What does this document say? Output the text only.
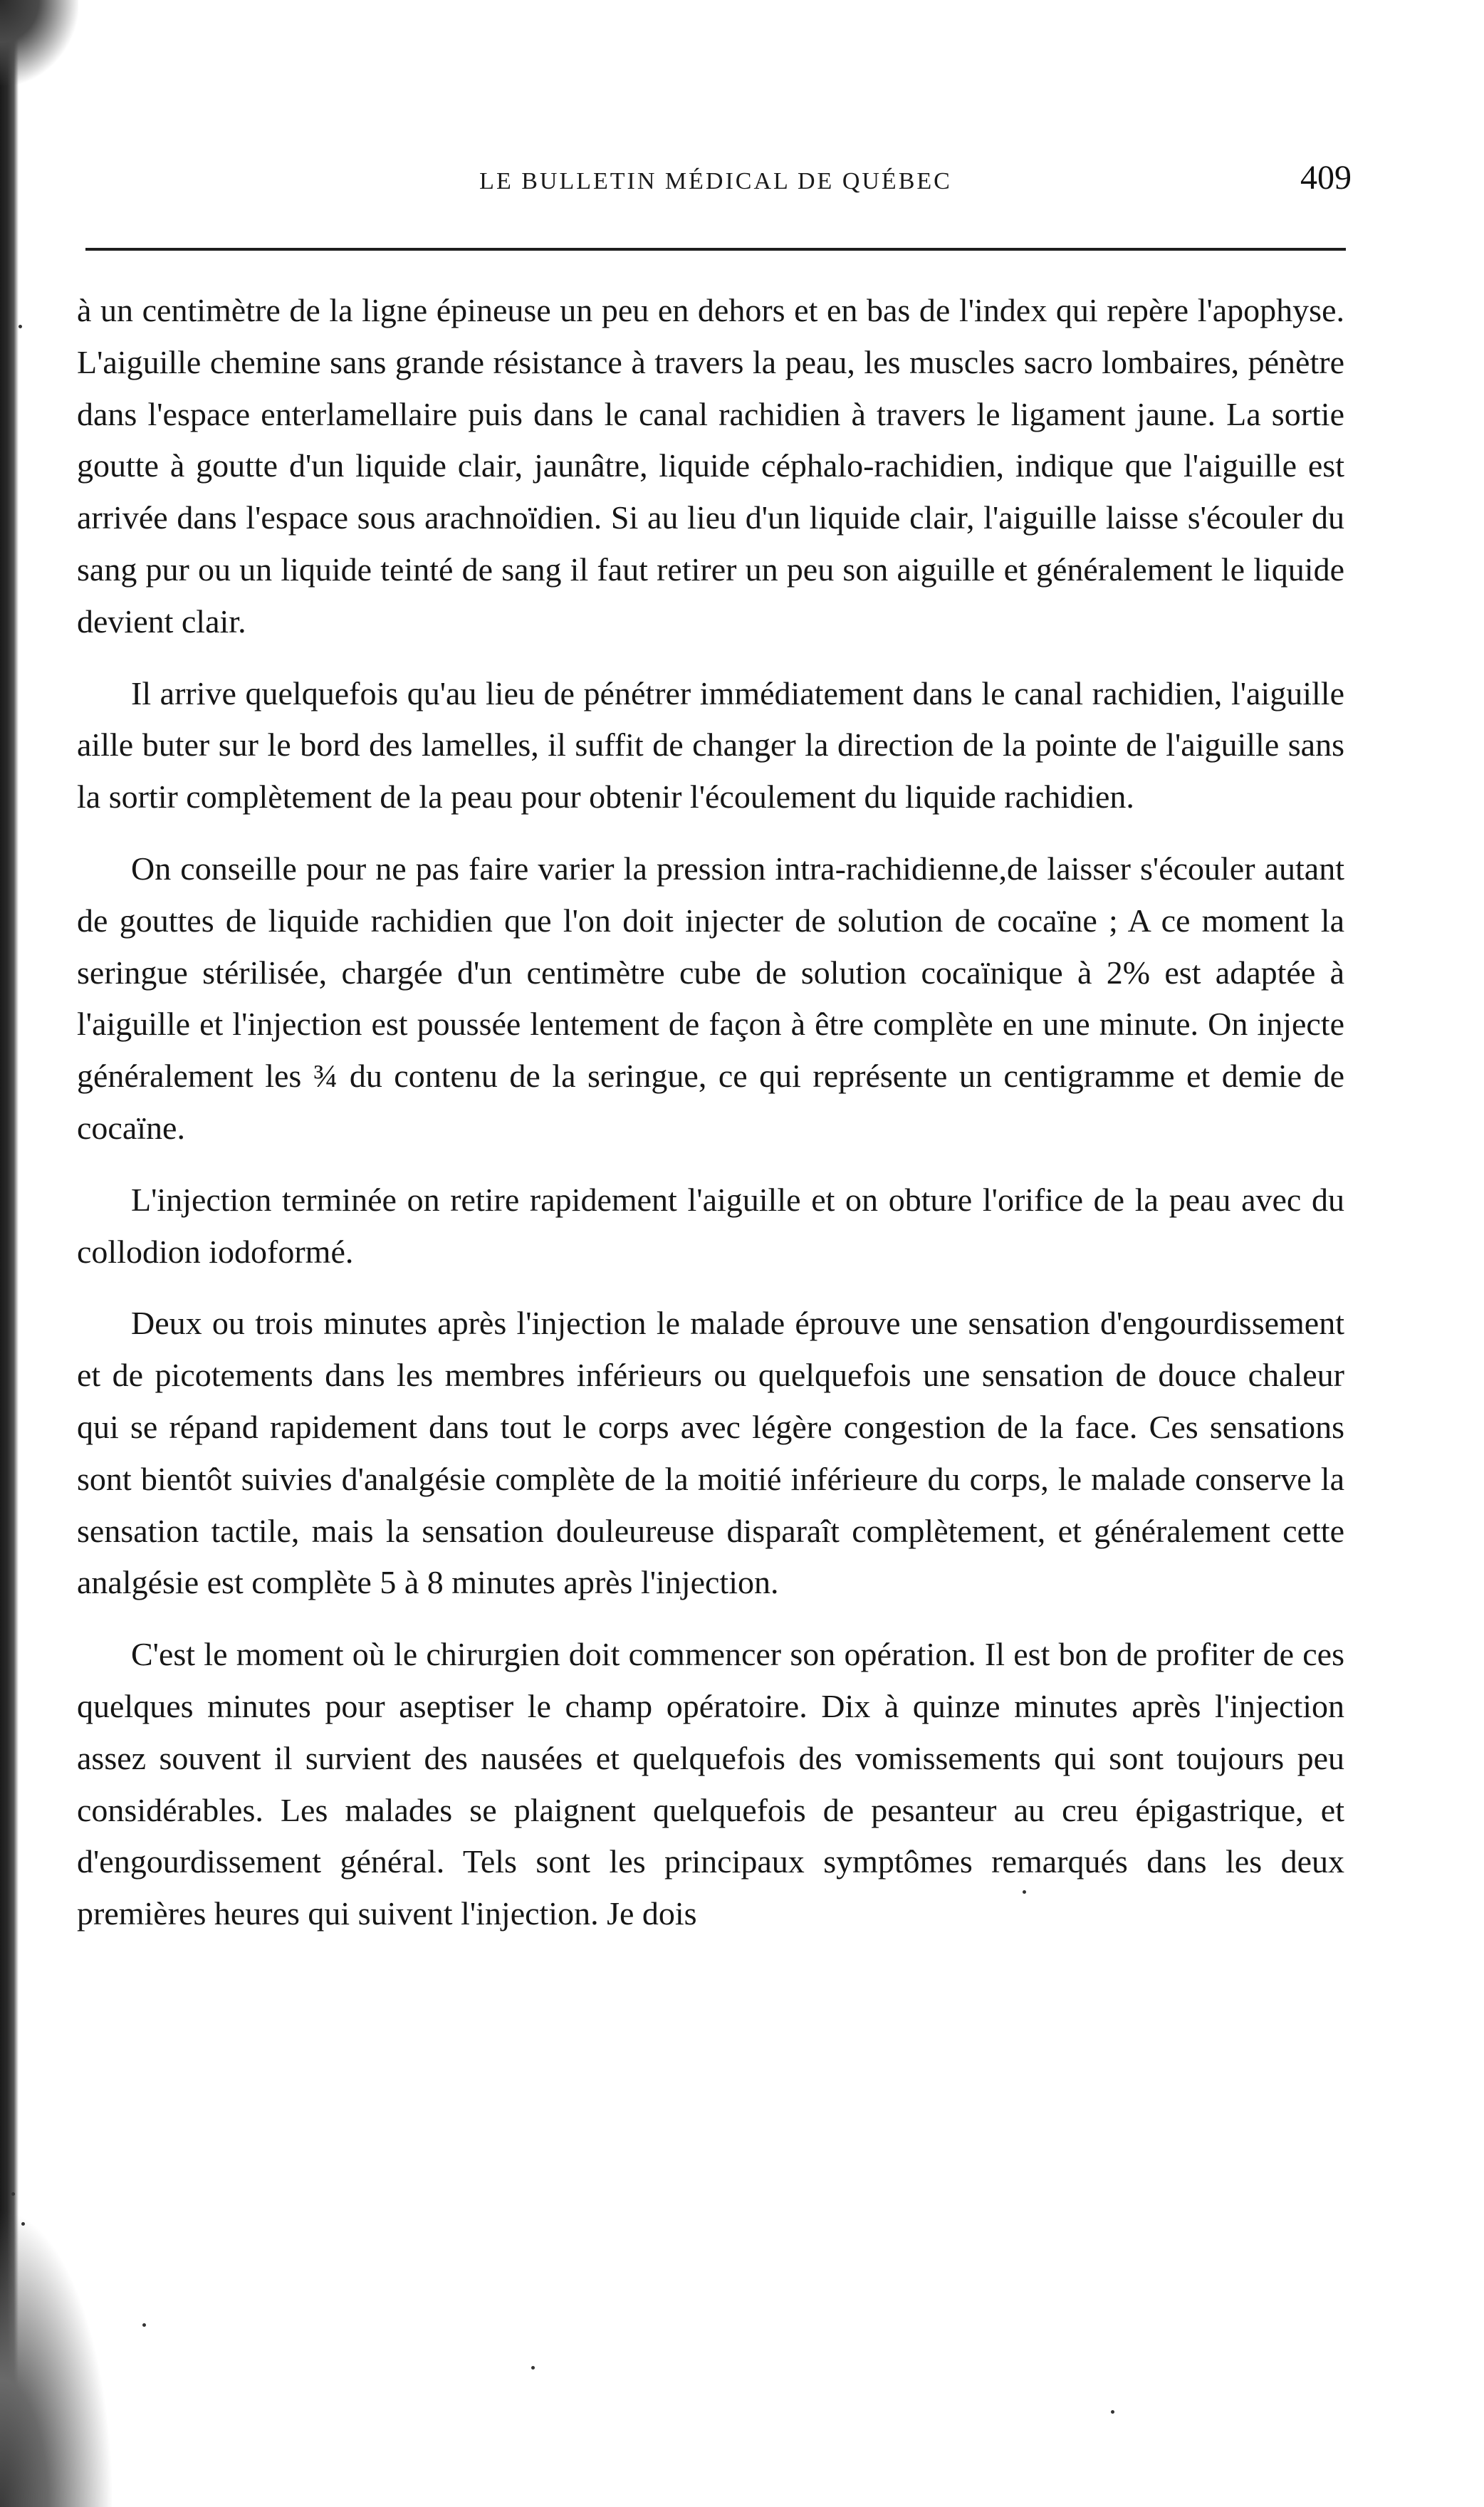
LE BULLETIN MÉDICAL DE QUÉBEC	409

à un centimètre de la ligne épineuse un peu en dehors et en bas de l'index qui repère l'apophyse. L'aiguille chemine sans grande résistance à travers la peau, les muscles sacro lombaires, pénètre dans l'espace enterlamellaire puis dans le canal rachidien à travers le ligament jaune. La sortie goutte à goutte d'un liquide clair, jaunâtre, liquide céphalo-rachidien, indique que l'aiguille est arrivée dans l'espace sous arachnoïdien. Si au lieu d'un liquide clair, l'aiguille laisse s'écouler du sang pur ou un liquide teinté de sang il faut retirer un peu son aiguille et généralement le liquide devient clair.

Il arrive quelquefois qu'au lieu de pénétrer immédiatement dans le canal rachidien, l'aiguille aille buter sur le bord des lamelles, il suffit de changer la direction de la pointe de l'aiguille sans la sortir complètement de la peau pour obtenir l'écoulement du liquide rachidien.

On conseille pour ne pas faire varier la pression intra-rachidienne,de laisser s'écouler autant de gouttes de liquide rachidien que l'on doit injecter de solution de cocaïne ; A ce moment la seringue stérilisée, chargée d'un centimètre cube de solution cocaïnique à 2% est adaptée à l'aiguille et l'injection est poussée lentement de façon à être complète en une minute. On injecte généralement les ¾ du contenu de la seringue, ce qui représente un centigramme et demie de cocaïne.

L'injection terminée on retire rapidement l'aiguille et on obture l'orifice de la peau avec du collodion iodoformé.

Deux ou trois minutes après l'injection le malade éprouve une sensation d'engourdissement et de picotements dans les membres inférieurs ou quelquefois une sensation de douce chaleur qui se répand rapidement dans tout le corps avec légère congestion de la face. Ces sensations sont bientôt suivies d'analgésie complète de la moitié inférieure du corps, le malade conserve la sensation tactile, mais la sensation douleureuse disparaît complètement, et généralement cette analgésie est complète 5 à 8 minutes après l'injection.

C'est le moment où le chirurgien doit commencer son opération. Il est bon de profiter de ces quelques minutes pour aseptiser le champ opératoire. Dix à quinze minutes après l'injection assez souvent il survient des nausées et quelquefois des vomissements qui sont toujours peu considérables. Les malades se plaignent quelquefois de pesanteur au creu épigastrique, et d'engourdissement général. Tels sont les principaux symptômes remarqués dans les deux premières heures qui suivent l'injection. Je dois
